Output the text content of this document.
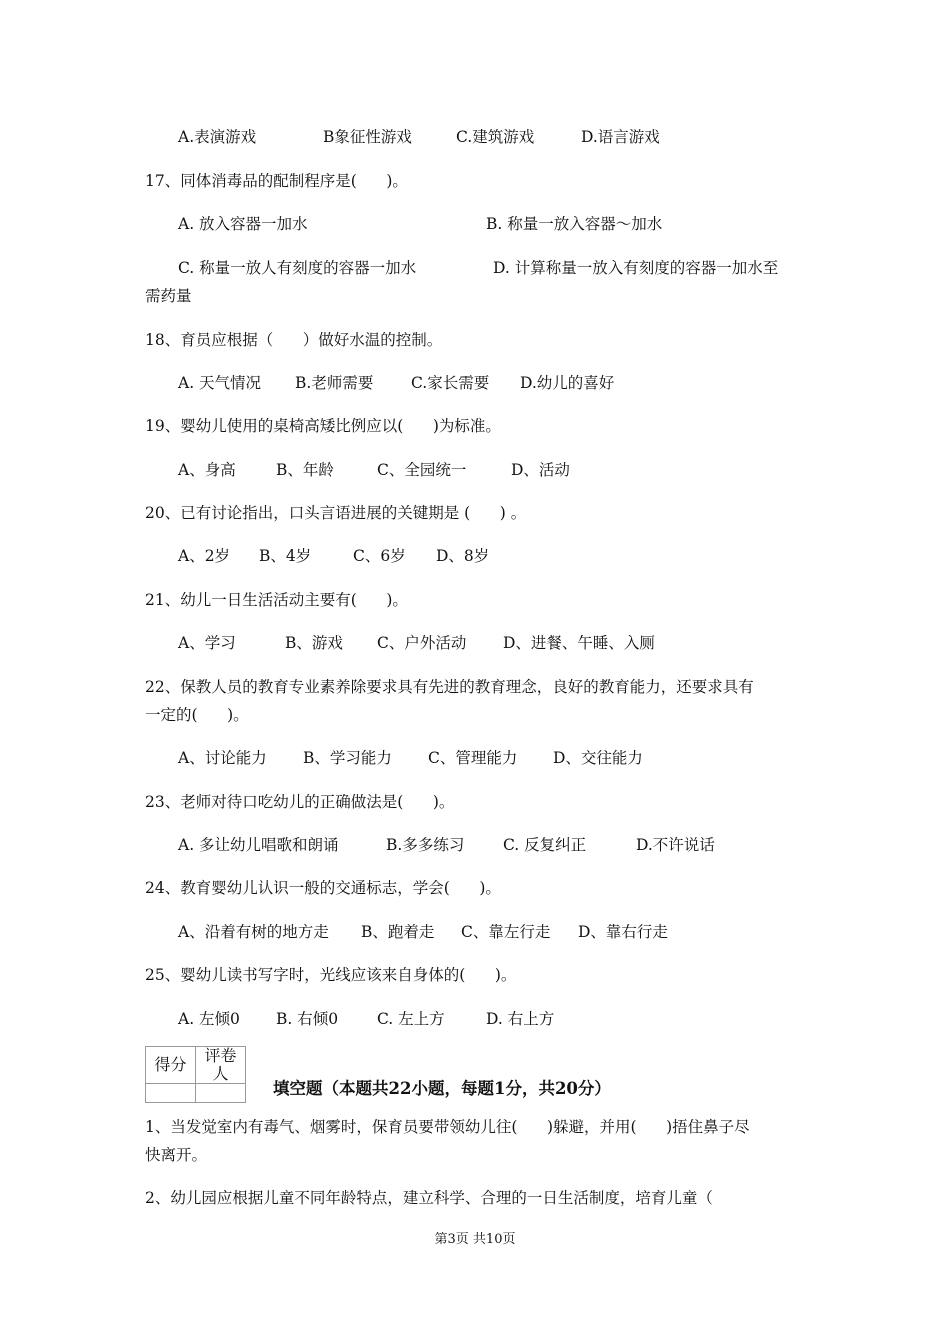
A.表演游戏	B象征性游戏	C.建筑游戏	D.语言游戏
17、同体消毒品的配制程序是(      )。
A. 放入容器一加水	B. 称量一放入容器～加水
C. 称量一放人有刻度的容器一加水	D. 计算称量一放入有刻度的容器一加水至
需药量
18、育员应根据（      ）做好水温的控制。
A. 天气情况 B.老师需要 C.家长需要 D.幼儿的喜好
19、婴幼儿使用的桌椅高矮比例应以(      )为标准。
A、身高	B、年龄	C、全园统一	D、活动
20、已有讨论指出，口头言语进展的关键期是 (      ) 。
A、2岁 B、4岁	C、6岁 D、8岁
21、幼儿一日生活活动主要有(      )。
A、学习	B、游戏 C、户外活动 D、进餐、午睡、入厕
22、保教人员的教育专业素养除要求具有先进的教育理念，良好的教育能力，还要求具有
一定的(      )。
A、讨论能力 B、学习能力 C、管理能力 D、交往能力
23、老师对待口吃幼儿的正确做法是(      )。
A. 多让幼儿唱歌和朗诵	B.多多练习 C. 反复纠正	D.不许说话
24、教育婴幼儿认识一般的交通标志，学会(      )。
A、沿着有树的地方走 B、跑着走 C、靠左行走 D、靠右行走
25、婴幼儿读书写字时，光线应该来自身体的(      )。
A. 左倾0 B. 右倾0	C. 左上方	D. 右上方
得分	评卷人

填空题（本题共22小题，每题1分，共20分）
1、当发觉室内有毒气、烟雾时，保育员要带领幼儿往(      )躲避，并用(      )捂住鼻子尽
快离开。
2、幼儿园应根据儿童不同年龄特点，建立科学、合理的一日生活制度，培育儿童（
第3页 共10页
